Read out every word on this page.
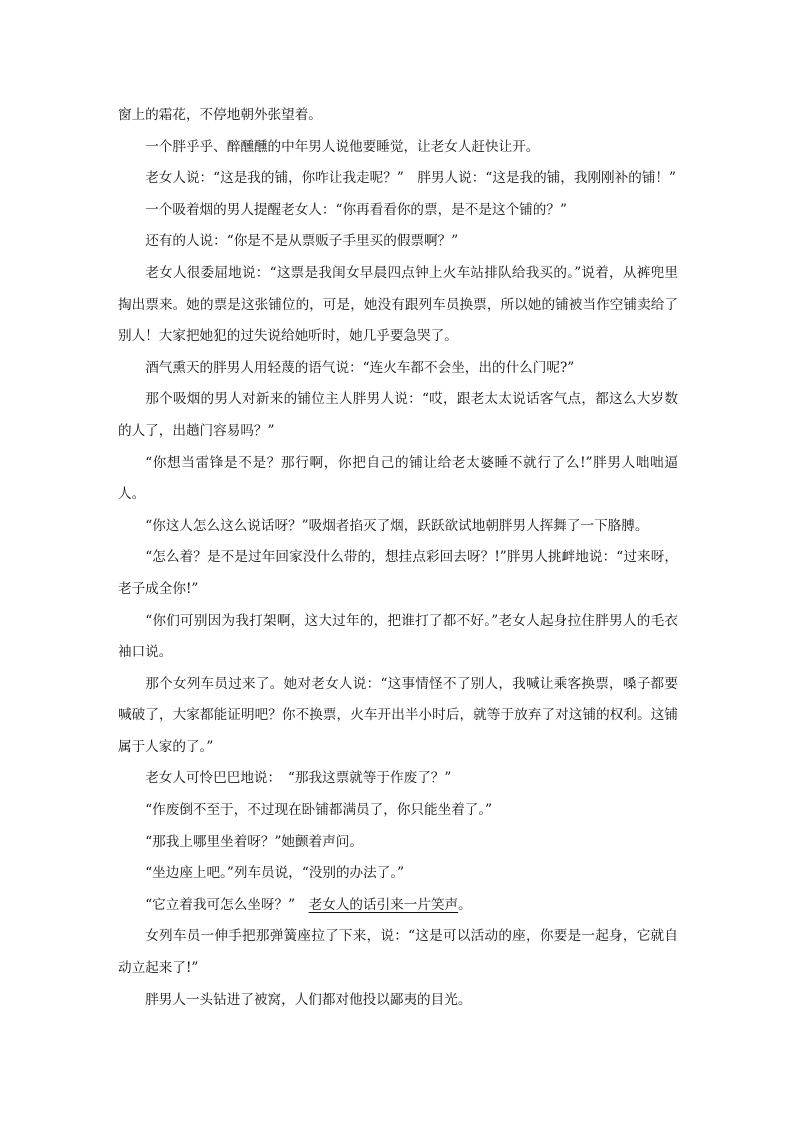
窗上的霜花，不停地朝外张望着。

一个胖乎乎、醉醺醺的中年男人说他要睡觉，让老女人赶快让开。

老女人说：“这是我的铺，你咋让我走呢？”　胖男人说：“这是我的铺，我刚刚补的铺！”

一个吸着烟的男人提醒老女人：“你再看看你的票，是不是这个铺的？”

还有的人说：“你是不是从票贩子手里买的假票啊？”

老女人很委屈地说：“这票是我闺女早晨四点钟上火车站排队给我买的。”说着，从裤兜里掏出票来。她的票是这张铺位的，可是，她没有跟列车员换票，所以她的铺被当作空铺卖给了别人！大家把她犯的过失说给她听时，她几乎要急哭了。

酒气熏天的胖男人用轻蔑的语气说：“连火车都不会坐，出的什么门呢?”

那个吸烟的男人对新来的铺位主人胖男人说：“哎，跟老太太说话客气点，都这么大岁数的人了，出趟门容易吗？”

“你想当雷锋是不是？那行啊，你把自己的铺让给老太婆睡不就行了么!”胖男人咄咄逼人。

“你这人怎么这么说话呀？”吸烟者掐灭了烟，跃跃欲试地朝胖男人挥舞了一下胳膊。

“怎么着？是不是过年回家没什么带的，想挂点彩回去呀？!”胖男人挑衅地说：“过来呀，老子成全你!”

“你们可别因为我打架啊，这大过年的，把谁打了都不好。”老女人起身拉住胖男人的毛衣袖口说。

那个女列车员过来了。她对老女人说：“这事情怪不了别人，我喊让乘客换票，嗓子都要喊破了，大家都能证明吧？你不换票，火车开出半小时后，就等于放弃了对这铺的权利。这铺属于人家的了。”

老女人可怜巴巴地说：　“那我这票就等于作废了？”

“作废倒不至于，不过现在卧铺都满员了，你只能坐着了。”

“那我上哪里坐着呀？”她颤着声问。

“坐边座上吧。”列车员说，“没别的办法了。”

“它立着我可怎么坐呀？”　老女人的话引来一片笑声。

女列车员一伸手把那弹簧座拉了下来，说：“这是可以活动的座，你要是一起身，它就自动立起来了!”

胖男人一头钻进了被窝，人们都对他投以鄙夷的目光。
